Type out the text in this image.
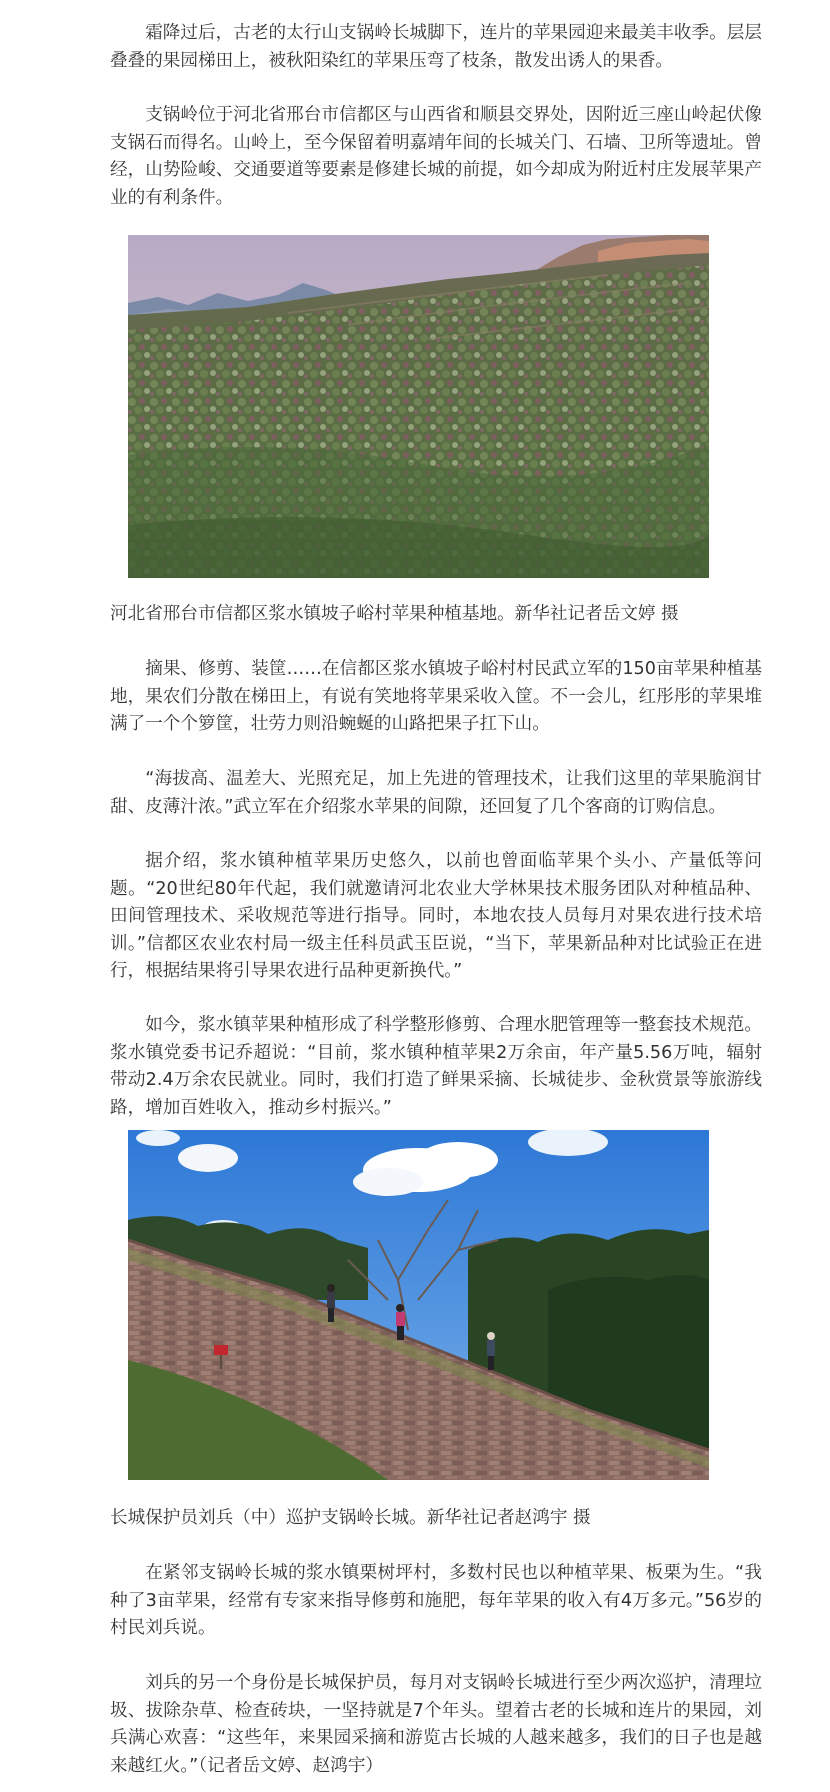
霜降过后，古老的太行山支锅岭长城脚下，连片的苹果园迎来最美丰收季。层层叠叠的果园梯田上，被秋阳染红的苹果压弯了枝条，散发出诱人的果香。

支锅岭位于河北省邢台市信都区与山西省和顺县交界处，因附近三座山岭起伏像支锅石而得名。山岭上，至今保留着明嘉靖年间的长城关门、石墙、卫所等遗址。曾经，山势险峻、交通要道等要素是修建长城的前提，如今却成为附近村庄发展苹果产业的有利条件。

河北省邢台市信都区浆水镇坡子峪村苹果种植基地。新华社记者岳文婷 摄

摘果、修剪、装筐……在信都区浆水镇坡子峪村村民武立军的150亩苹果种植基地，果农们分散在梯田上，有说有笑地将苹果采收入筐。不一会儿，红彤彤的苹果堆满了一个个箩筐，壮劳力则沿蜿蜒的山路把果子扛下山。

“海拔高、温差大、光照充足，加上先进的管理技术，让我们这里的苹果脆润甘甜、皮薄汁浓。”武立军在介绍浆水苹果的间隙，还回复了几个客商的订购信息。

据介绍，浆水镇种植苹果历史悠久，以前也曾面临苹果个头小、产量低等问题。“20世纪80年代起，我们就邀请河北农业大学林果技术服务团队对种植品种、田间管理技术、采收规范等进行指导。同时，本地农技人员每月对果农进行技术培训。”信都区农业农村局一级主任科员武玉臣说，“当下，苹果新品种对比试验正在进行，根据结果将引导果农进行品种更新换代。”

如今，浆水镇苹果种植形成了科学整形修剪、合理水肥管理等一整套技术规范。浆水镇党委书记乔超说：“目前，浆水镇种植苹果2万余亩，年产量5.56万吨，辐射带动2.4万余农民就业。同时，我们打造了鲜果采摘、长城徒步、金秋赏景等旅游线路，增加百姓收入，推动乡村振兴。”

长城保护员刘兵（中）巡护支锅岭长城。新华社记者赵鸿宇 摄

在紧邻支锅岭长城的浆水镇栗树坪村，多数村民也以种植苹果、板栗为生。“我种了3亩苹果，经常有专家来指导修剪和施肥，每年苹果的收入有4万多元。”56岁的村民刘兵说。

刘兵的另一个身份是长城保护员，每月对支锅岭长城进行至少两次巡护，清理垃圾、拔除杂草、检查砖块，一坚持就是7个年头。望着古老的长城和连片的果园，刘兵满心欢喜：“这些年，来果园采摘和游览古长城的人越来越多，我们的日子也是越来越红火。”（记者岳文婷、赵鸿宇）
